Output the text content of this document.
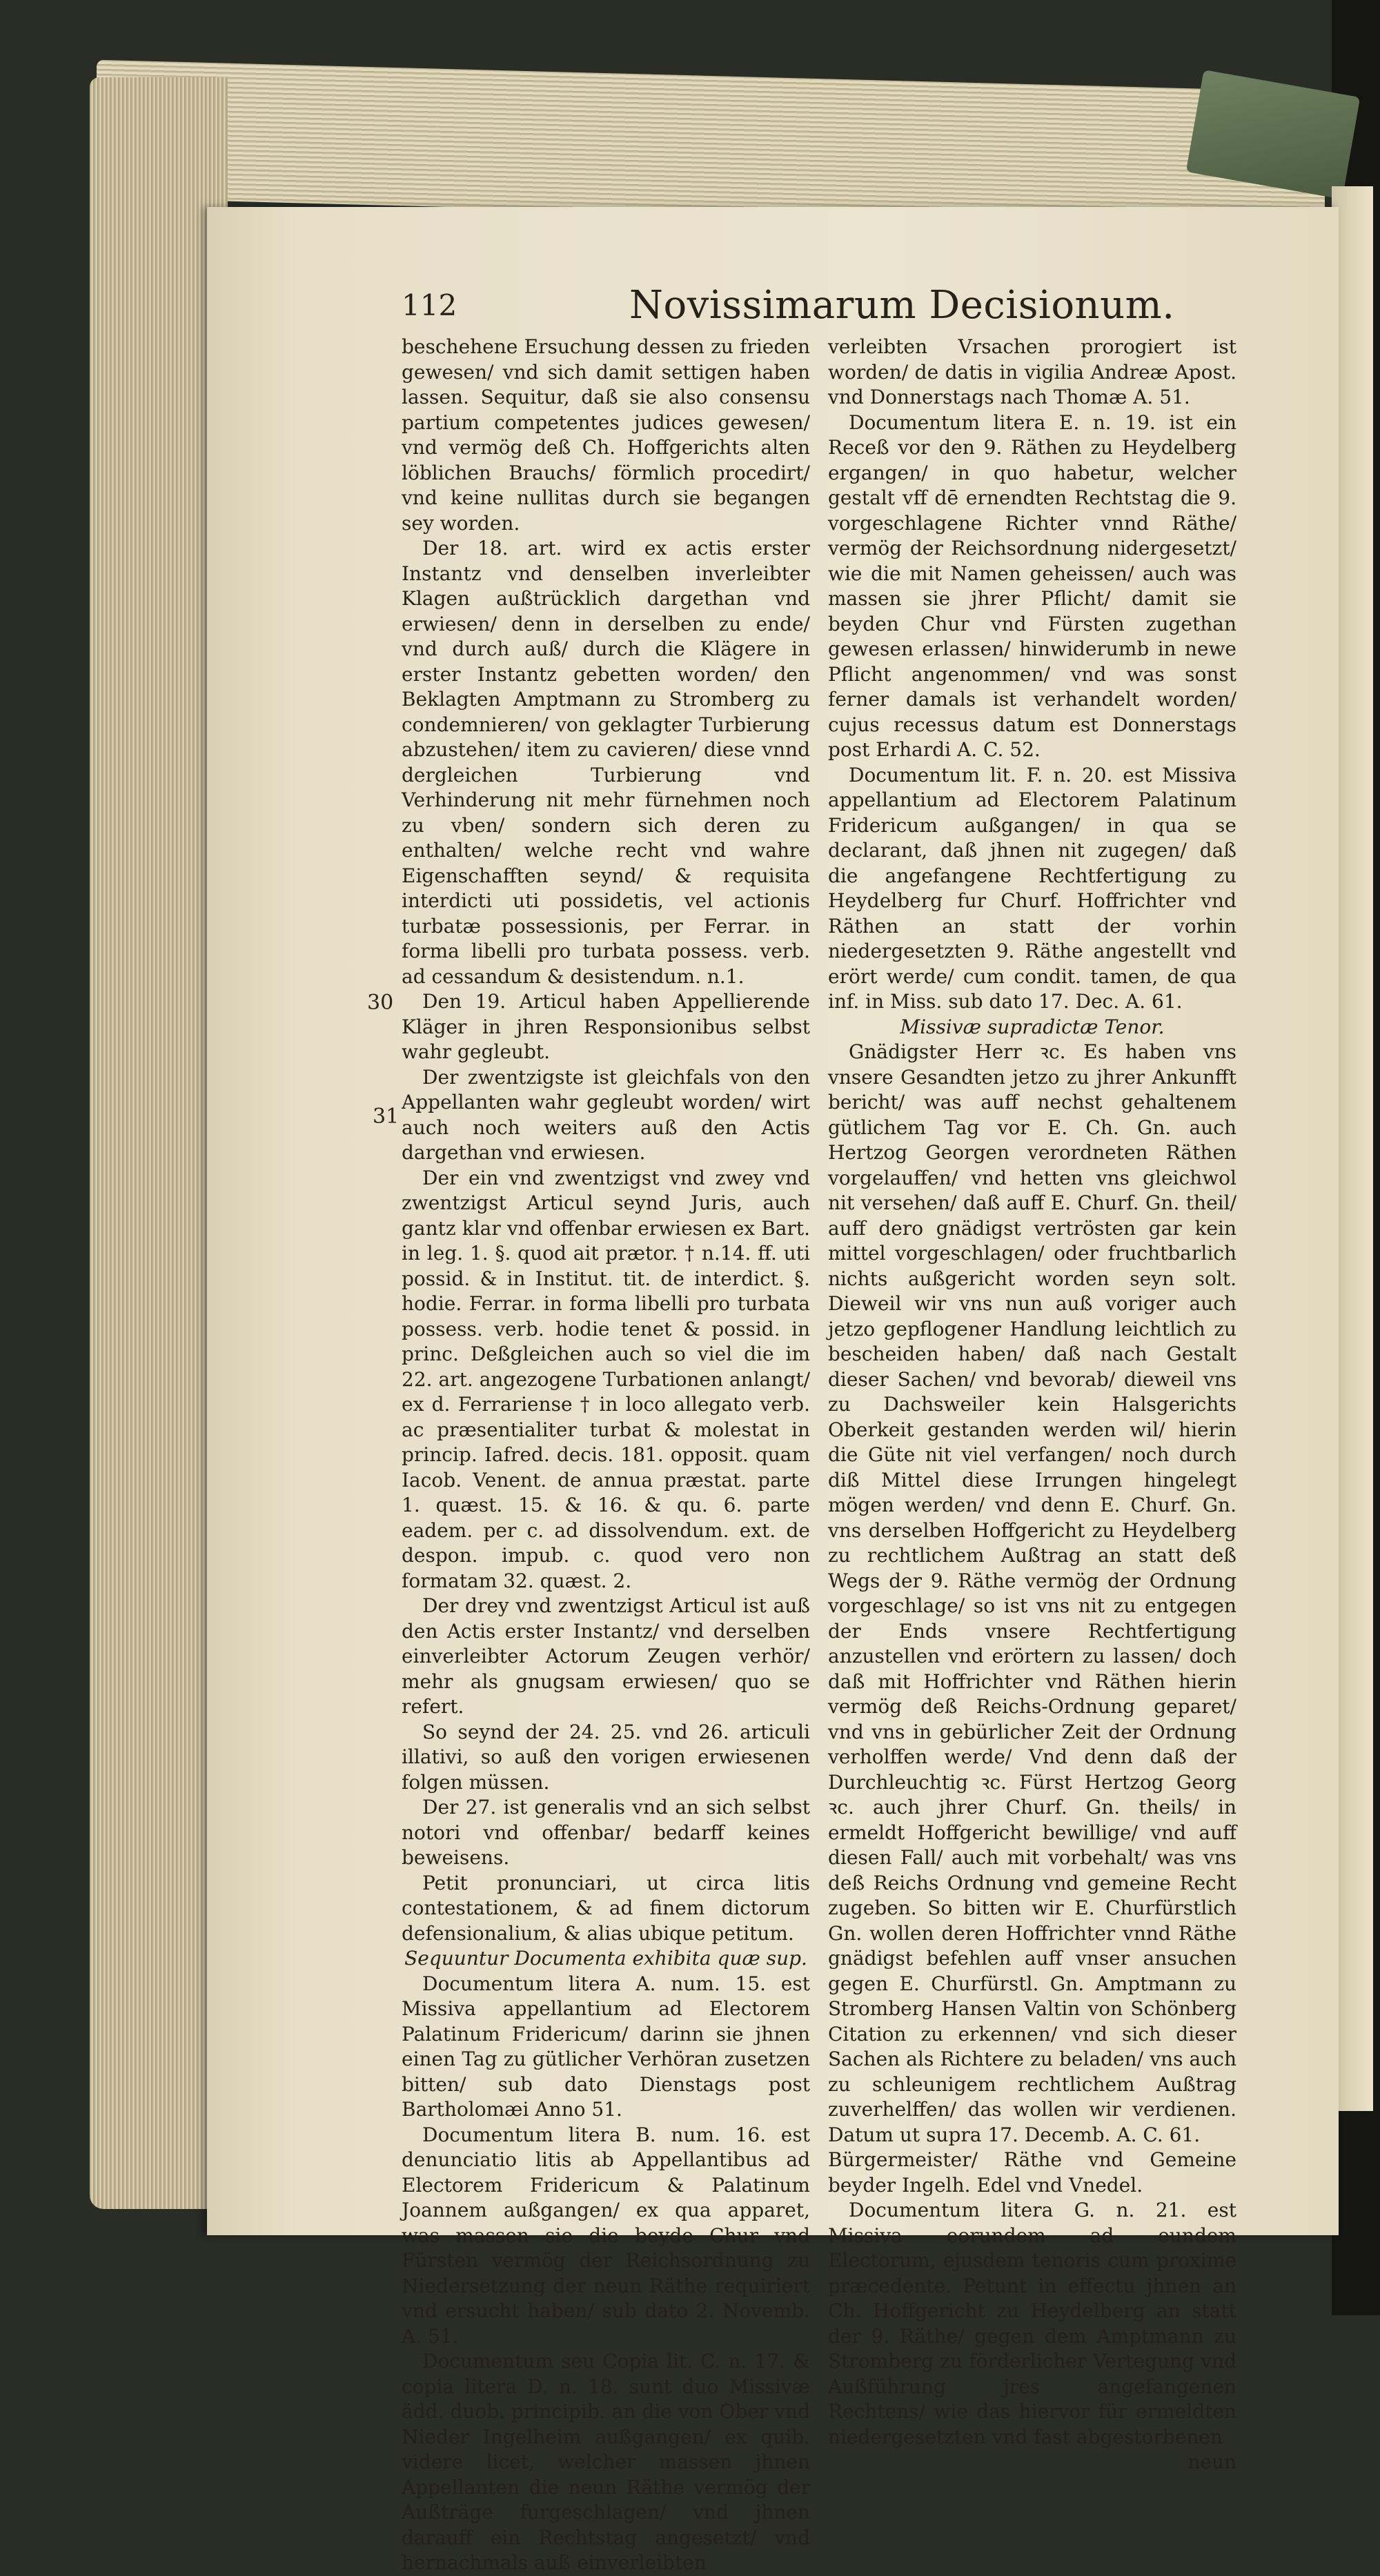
112	Novissimarum Decisionum.
30
31

beschehene Ersuchung dessen zu frieden gewesen/ vnd sich damit settigen haben lassen. Sequitur, daß sie also consensu partium competentes judices gewesen/ vnd vermög deß Ch. Hoffgerichts alten löblichen Brauchs/ förmlich procedirt/ vnd keine nullitas durch sie begangen sey worden.

Der 18. art. wird ex actis erster Instantz vnd denselben inverleibter Klagen außtrücklich dargethan vnd erwiesen/ denn in derselben zu ende/ vnd durch auß/ durch die Klägere in erster Instantz gebetten worden/ den Beklagten Amptmann zu Stromberg zu condemnieren/ von geklagter Turbierung abzustehen/ item zu cavieren/ diese vnnd dergleichen Turbierung vnd Verhinderung nit mehr fürnehmen noch zu vben/ sondern sich deren zu enthalten/ welche recht vnd wahre Eigenschafften seynd/ & requisita interdicti uti possidetis, vel actionis turbatæ possessionis, per Ferrar. in forma libelli pro turbata possess. verb. ad cessandum & desistendum. n.1.

Den 19. Articul haben Appellierende Kläger in jhren Responsionibus selbst wahr gegleubt.

Der zwentzigste ist gleichfals von den Appellanten wahr gegleubt worden/ wirt auch noch weiters auß den Actis dargethan vnd erwiesen.

Der ein vnd zwentzigst vnd zwey vnd zwentzigst Articul seynd Juris, auch gantz klar vnd offenbar erwiesen ex Bart. in leg. 1. §. quod ait prætor. † n.14. ff. uti possid. & in Institut. tit. de interdict. §. hodie. Ferrar. in forma libelli pro turbata possess. verb. hodie tenet & possid. in princ. Deßgleichen auch so viel die im 22. art. angezogene Turbationen anlangt/ ex d. Ferrariense † in loco allegato verb. ac præsentialiter turbat & molestat in princip. Iafred. decis. 181. opposit. quam Iacob. Venent. de annua præstat. parte 1. quæst. 15. & 16. & qu. 6. parte eadem. per c. ad dissolvendum. ext. de despon. impub. c. quod vero non formatam 32. quæst. 2.

Der drey vnd zwentzigst Articul ist auß den Actis erster Instantz/ vnd derselben einverleibter Actorum Zeugen verhör/ mehr als gnugsam erwiesen/ quo se refert.

So seynd der 24. 25. vnd 26. articuli illativi, so auß den vorigen erwiesenen folgen müssen.

Der 27. ist generalis vnd an sich selbst notori vnd offenbar/ bedarff keines beweisens.

Petit pronunciari, ut circa litis contestationem, & ad finem dictorum defensionalium, & alias ubique petitum.

Sequuntur Documenta exhibita quæ sup.

Documentum litera A. num. 15. est Missiva appellantium ad Electorem Palatinum Fridericum/ darinn sie jhnen einen Tag zu gütlicher Verhöran zusetzen bitten/ sub dato Dienstags post Bartholomæi Anno 51.

Documentum litera B. num. 16. est denunciatio litis ab Appellantibus ad Electorem Fridericum & Palatinum Joannem außgangen/ ex qua apparet, was massen sie die beyde Chur vnd Fürsten vermög der Reichsordnung zu Niedersetzung der neun Räthe requiriert vnd ersucht haben/ sub dato 2. Novemb. A. 51.

Documentum seu Copia lit. C. n. 17. & copia litera D. n. 18. sunt duo Missivæ ädd. duob. principib. an die von Ober vnd Nieder Ingelheim außgangen/ ex quib. videre licet, welcher massen jhnen Appellanten die neun Räthe vermög der Außträge furgeschlagen/ vnd jhnen darauff ein Rechtstag angesetzt/ vnd hernachmals auß einverleibten

verleibten Vrsachen prorogiert ist worden/ de datis in vigilia Andreæ Apost. vnd Donnerstags nach Thomæ A. 51.

Documentum litera E. n. 19. ist ein Receß vor den 9. Räthen zu Heydelberg ergangen/ in quo habetur, welcher gestalt vff dē ernendten Rechtstag die 9. vorgeschlagene Richter vnnd Räthe/ vermög der Reichsordnung nidergesetzt/ wie die mit Namen geheissen/ auch was massen sie jhrer Pflicht/ damit sie beyden Chur vnd Fürsten zugethan gewesen erlassen/ hinwiderumb in newe Pflicht angenommen/ vnd was sonst ferner damals ist verhandelt worden/ cujus recessus datum est Donnerstags post Erhardi A. C. 52.

Documentum lit. F. n. 20. est Missiva appellantium ad Electorem Palatinum Fridericum außgangen/ in qua se declarant, daß jhnen nit zugegen/ daß die angefangene Rechtfertigung zu Heydelberg fur Churf. Hoffrichter vnd Räthen an statt der vorhin niedergesetzten 9. Räthe angestellt vnd erört werde/ cum condit. tamen, de qua inf. in Miss. sub dato 17. Dec. A. 61.

Missivæ supradictæ Tenor.

Gnädigster Herr ꝛc. Es haben vns vnsere Gesandten jetzo zu jhrer Ankunfft bericht/ was auff nechst gehaltenem gütlichem Tag vor E. Ch. Gn. auch Hertzog Georgen verordneten Räthen vorgelauffen/ vnd hetten vns gleichwol nit versehen/ daß auff E. Churf. Gn. theil/ auff dero gnädigst vertrösten gar kein mittel vorgeschlagen/ oder fruchtbarlich nichts außgericht worden seyn solt. Dieweil wir vns nun auß voriger auch jetzo gepflogener Handlung leichtlich zu bescheiden haben/ daß nach Gestalt dieser Sachen/ vnd bevorab/ dieweil vns zu Dachsweiler kein Halsgerichts Oberkeit gestanden werden wil/ hierin die Güte nit viel verfangen/ noch durch diß Mittel diese Irrungen hingelegt mögen werden/ vnd denn E. Churf. Gn. vns derselben Hoffgericht zu Heydelberg zu rechtlichem Außtrag an statt deß Wegs der 9. Räthe vermög der Ordnung vorgeschlage/ so ist vns nit zu entgegen der Ends vnsere Rechtfertigung anzustellen vnd erörtern zu lassen/ doch daß mit Hoffrichter vnd Räthen hierin vermög deß Reichs-Ordnung geparet/ vnd vns in gebürlicher Zeit der Ordnung verholffen werde/ Vnd denn daß der Durchleuchtig ꝛc. Fürst Hertzog Georg ꝛc. auch jhrer Churf. Gn. theils/ in ermeldt Hoffgericht bewillige/ vnd auff diesen Fall/ auch mit vorbehalt/ was vns deß Reichs Ordnung vnd gemeine Recht zugeben. So bitten wir E. Churfürstlich Gn. wollen deren Hoffrichter vnnd Räthe gnädigst befehlen auff vnser ansuchen gegen E. Churfürstl. Gn. Amptmann zu Stromberg Hansen Valtin von Schönberg Citation zu erkennen/ vnd sich dieser Sachen als Richtere zu beladen/ vns auch zu schleunigem rechtlichem Außtrag zuverhelffen/ das wollen wir verdienen. Datum ut supra 17. Decemb. A. C. 61.

Bürgermeister/ Räthe vnd Gemeine beyder Ingelh. Edel vnd Vnedel.

Documentum litera G. n. 21. est Missiva eorundem ad eundem Electorum, ejusdem tenoris cum proxime præcedente. Petunt in effectu jhnen an Ch. Hoffgericht zu Heydelberg an statt der 9. Räthe/ gegen dem Amptmann zu Stromberg zu förderlicher Vertegung vnd Außführung jres angefangenen Rechtens/ wie das hiervor für ermeldten niedergesetzten vnd fast abgestorbenen

neun
